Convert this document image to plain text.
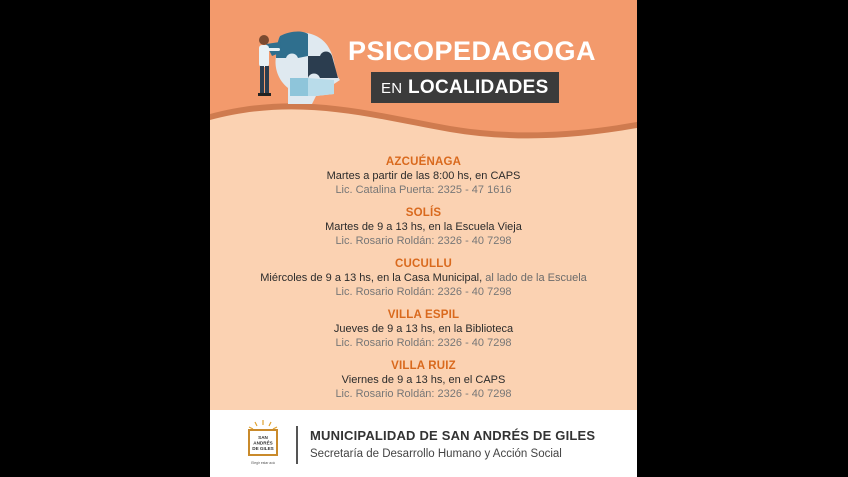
PSICOPEDAGOGA
EN LOCALIDADES
AZCUÉNAGA
Martes a partir de las 8:00 hs, en CAPS
Lic. Catalina Puerta: 2325 - 47 1616
SOLÍS
Martes de 9 a 13 hs, en la Escuela Vieja
Lic. Rosario Roldán: 2326 - 40 7298
CUCULLU
Miércoles de 9 a 13 hs, en la Casa Municipal, al lado de la Escuela
Lic. Rosario Roldán: 2326 - 40 7298
VILLA ESPIL
Jueves de 9 a 13 hs, en la Biblioteca
Lic. Rosario Roldán: 2326 - 40 7298
VILLA RUIZ
Viernes de 9 a 13 hs, en el CAPS
Lic. Rosario Roldán: 2326 - 40 7298
SAN
ANDRÉS
DE GILES
Elegir estar acá
MUNICIPALIDAD DE SAN ANDRÉS DE GILES
Secretaría de Desarrollo Humano y Acción Social
